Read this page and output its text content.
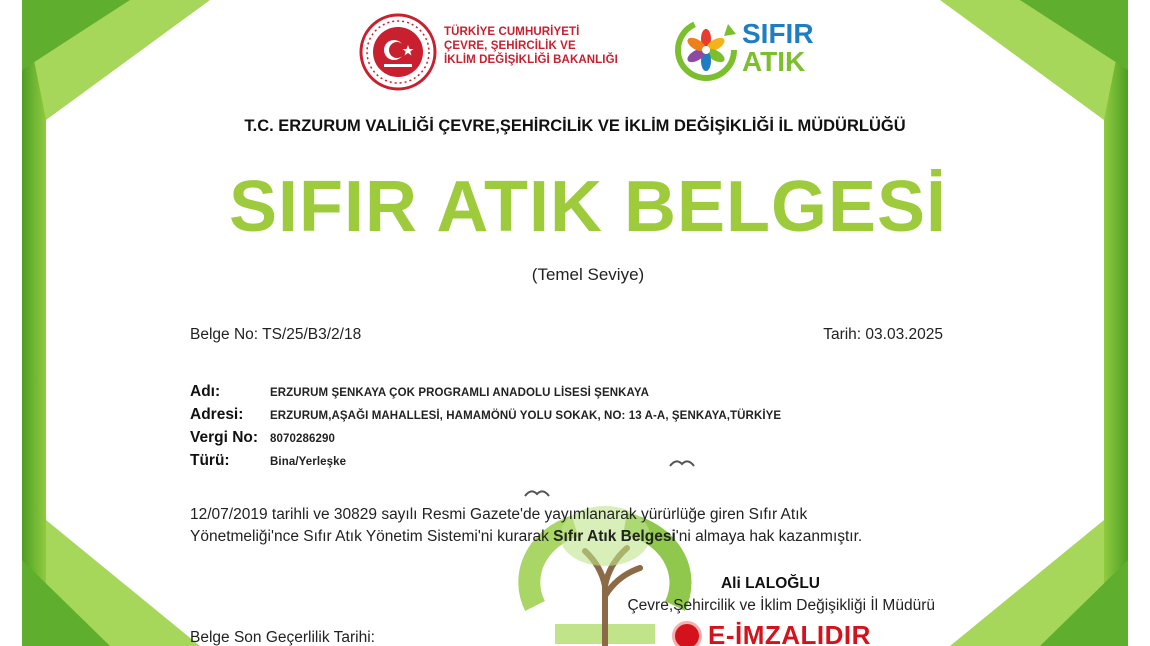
TÜRKİYE CUMHURİYETİ
ÇEVRE, ŞEHİRCİLİK VE
İKLİM DEĞİŞİKLİĞİ BAKANLIĞI
SIFIR
ATIK
T.C. ERZURUM VALİLİĞİ ÇEVRE,ŞEHİRCİLİK VE İKLİM DEĞİŞİKLİĞİ İL MÜDÜRLÜĞÜ
SIFIR ATIK BELGESİ
(Temel Seviye)
Belge No: TS/25/B3/2/18	Tarih: 03.03.2025
Adı:	ERZURUM ŞENKAYA ÇOK PROGRAMLI ANADOLU LİSESİ ŞENKAYA
Adresi:	ERZURUM,AŞAĞI MAHALLESİ, HAMAMÖNÜ YOLU SOKAK, NO: 13 A-A, ŞENKAYA,TÜRKİYE
Vergi No:	8070286290
Türü:	Bina/Yerleşke
12/07/2019 tarihli ve 30829 sayılı Resmi Gazete'de yayımlanarak yürürlüğe giren Sıfır Atık
Yönetmeliği'nce Sıfır Atık Yönetim Sistemi'ni kurarak Sıfır Atık Belgesi'ni almaya hak kazanmıştır.
Ali LALOĞLU
Çevre,Şehircilik ve İklim Değişikliği İl Müdürü
Belge Son Geçerlilik Tarihi:	E-İMZALIDIR
